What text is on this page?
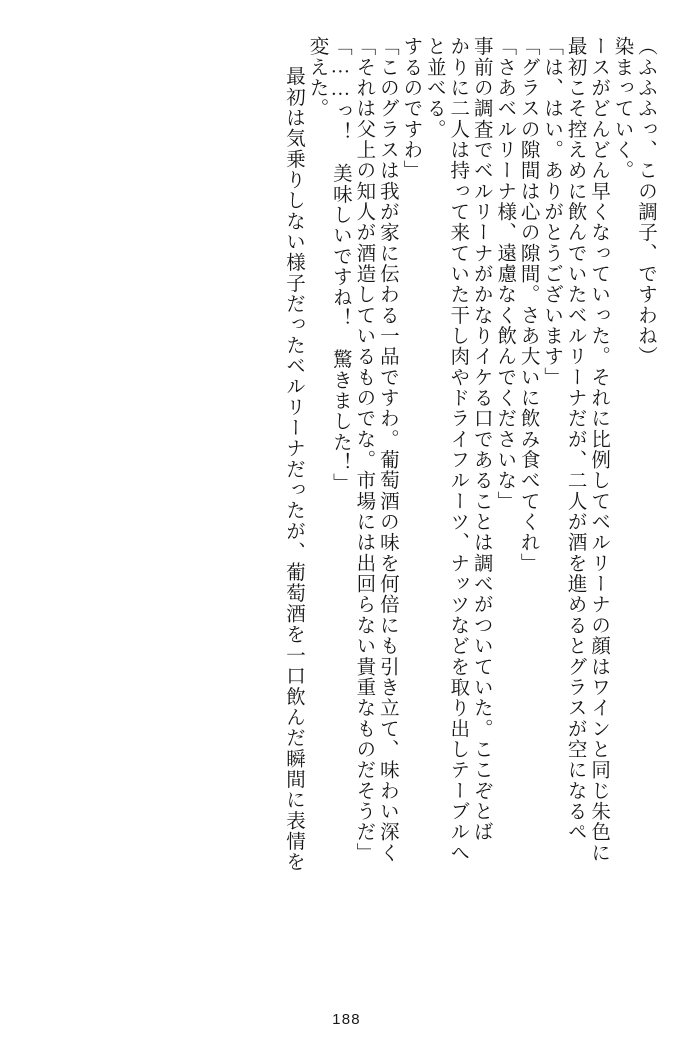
最初は気乗りしない様子だったベルリーナだったが、葡萄酒を一口飲んだ瞬間に表情を 変えた。 「……っ！　美味しいですね！　驚きました！」 「それは父上の知人が酒造しているものでな。市場には出回らない貴重なものだそうだ」 「このグラスは我が家に伝わる一品ですわ。葡萄酒の味を何倍にも引き立て、味わい深く するのですわ」 と並べる。 かりに二人は持って来ていた干し肉やドライフルーツ、ナッツなどを取り出しテーブルへ 事前の調査でベルリーナがかなりイケる口であることは調べがついていた。ここぞとば 「さあベルリーナ様、遠慮なく飲んでくださいな」 「グラスの隙間は心の隙間。さあ大いに飲み食べてくれ」 「は、はい。ありがとうございます」 最初こそ控えめに飲んでいたベルリーナだが、二人が酒を進めるとグラスが空になるペ ースがどんどん早くなっていった。それに比例してベルリーナの顔はワインと同じ朱色に 染まっていく。 （ふふふっ、この調子、ですわね）
188
